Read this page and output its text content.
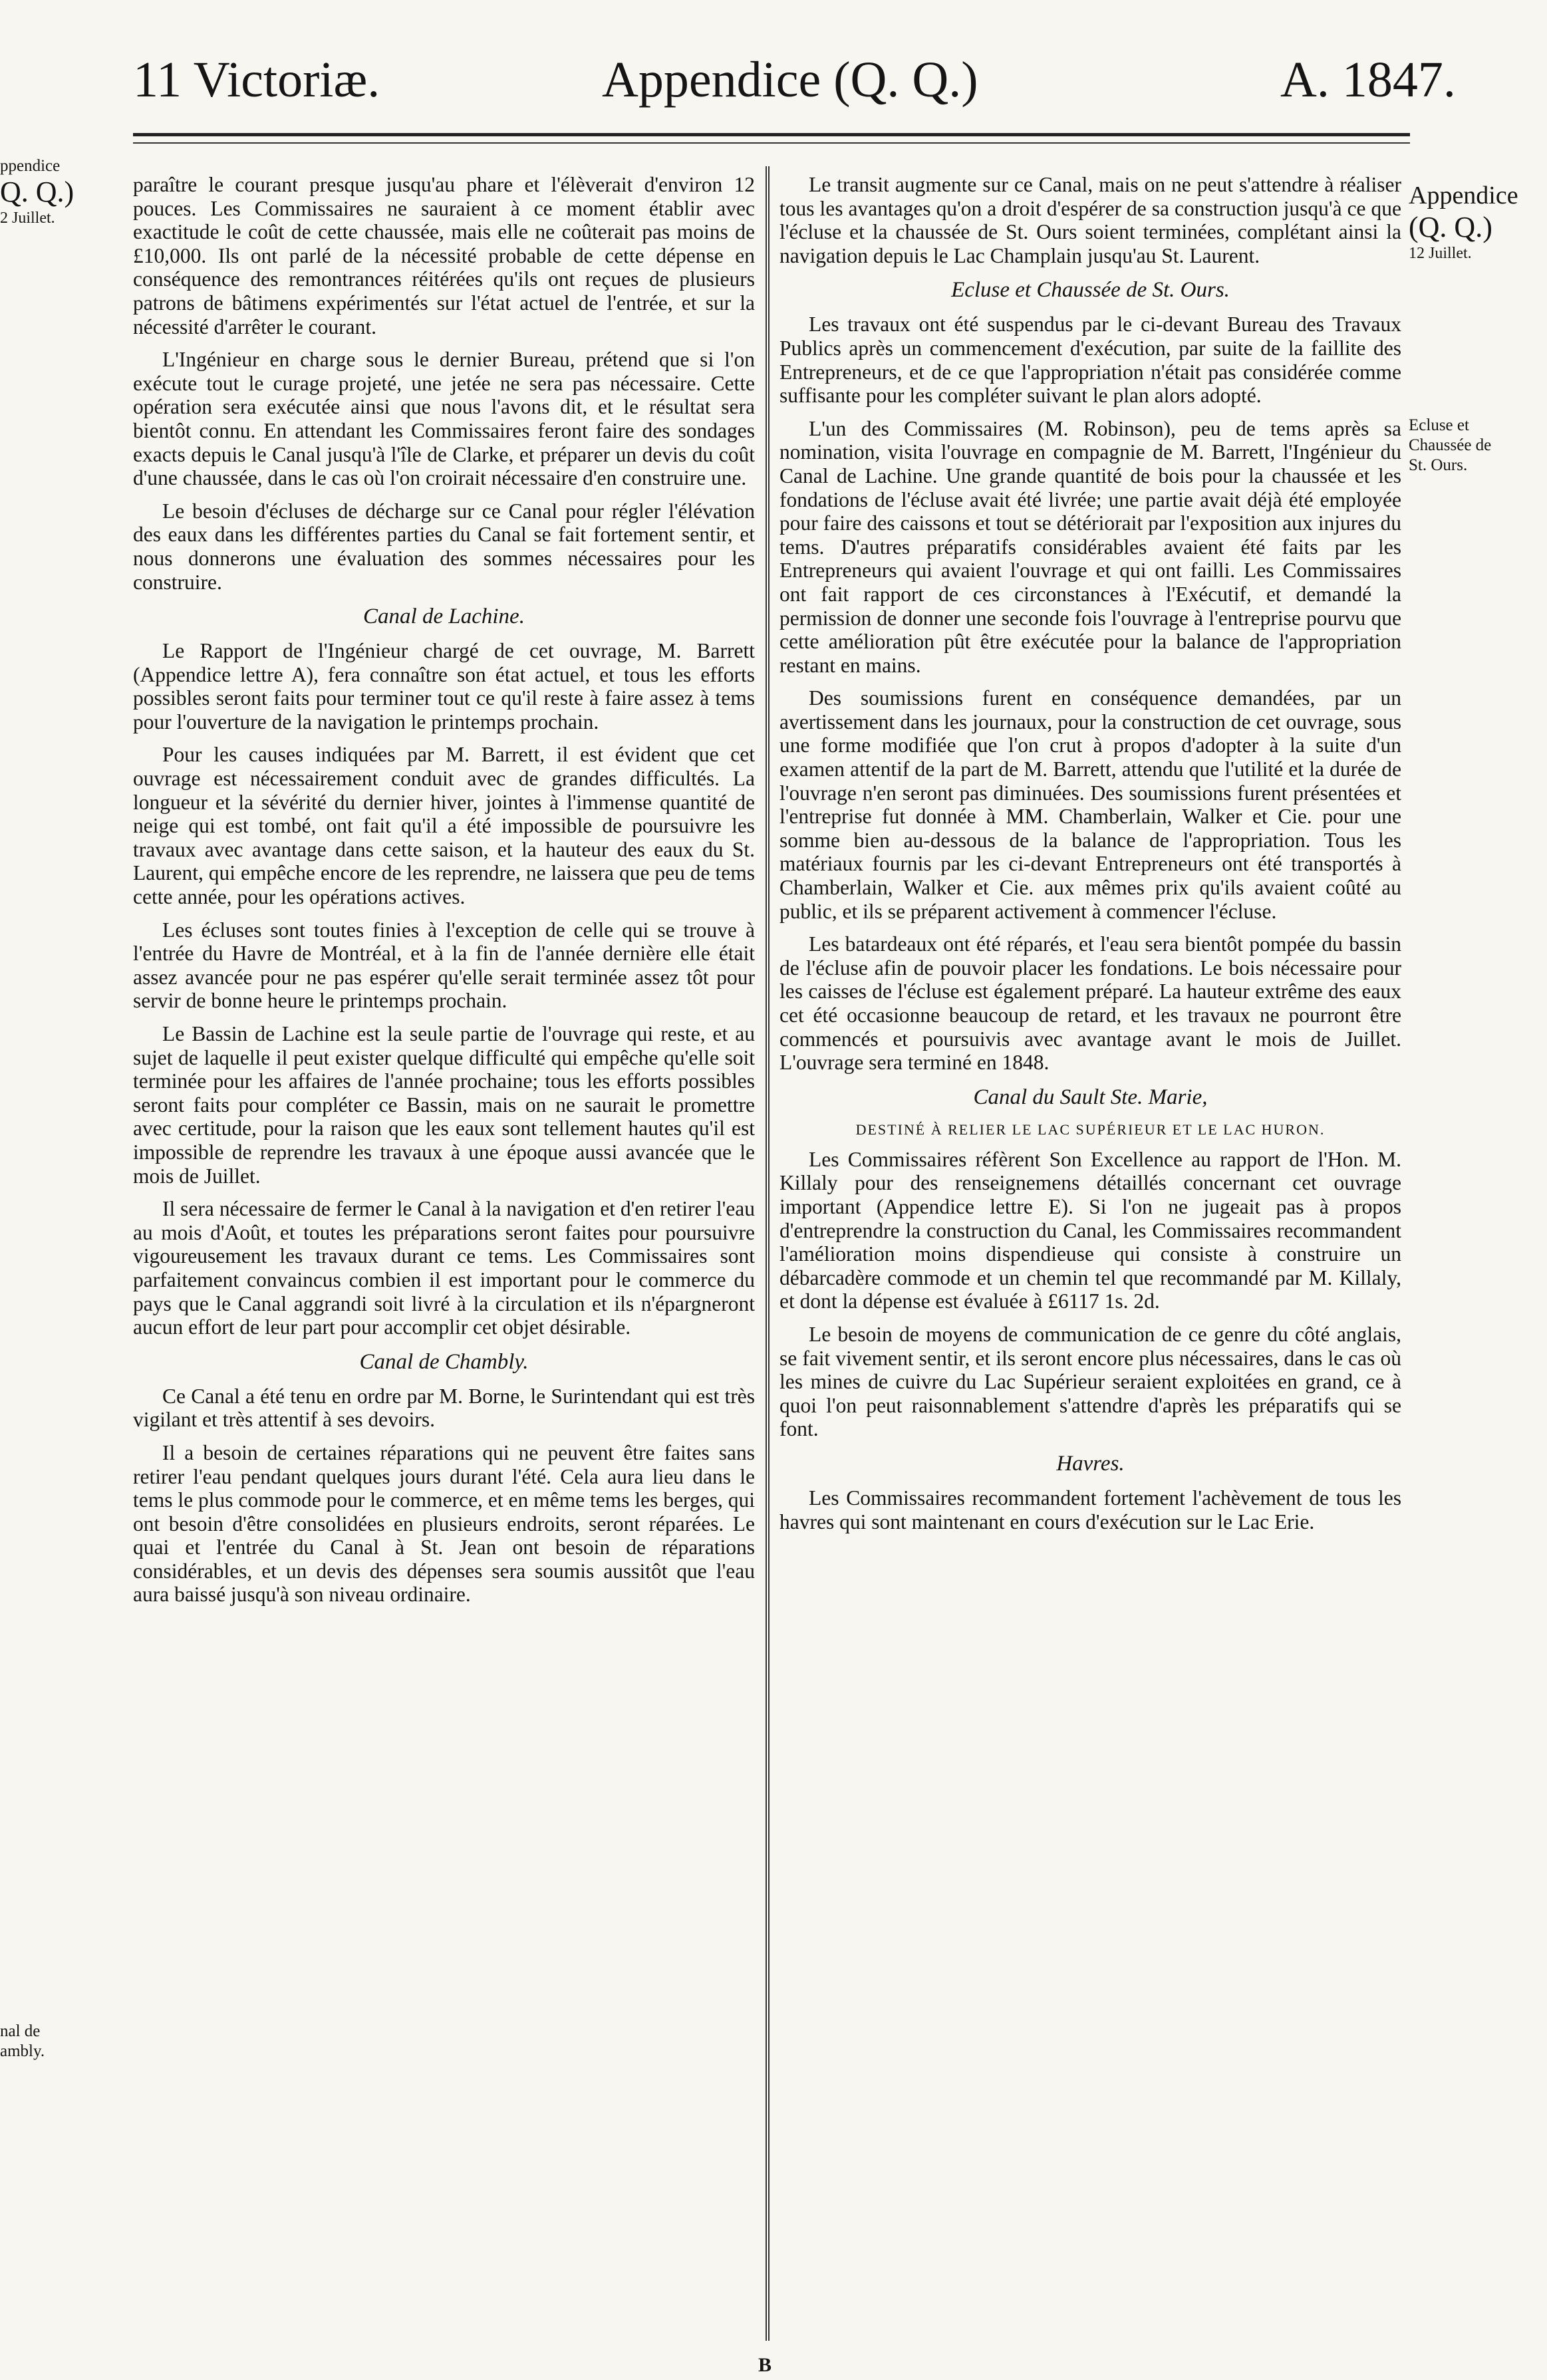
11 Victoriæ.	Appendice (Q. Q.)	A. 1847.
ppendice
Q. Q.)
2 Juillet.
nal de
ambly.
Appendice
(Q. Q.)
12 Juillet.
Ecluse et
Chaussée de
St. Ours.

paraître le courant presque jusqu'au phare et l'élèverait d'environ 12 pouces. Les Commissaires ne sauraient à ce moment établir avec exactitude le coût de cette chaussée, mais elle ne coûterait pas moins de £10,000. Ils ont parlé de la nécessité probable de cette dépense en conséquence des remontrances réitérées qu'ils ont reçues de plusieurs patrons de bâtimens expérimentés sur l'état actuel de l'entrée, et sur la nécessité d'arrêter le courant.

L'Ingénieur en charge sous le dernier Bureau, prétend que si l'on exécute tout le curage projeté, une jetée ne sera pas nécessaire. Cette opération sera exécutée ainsi que nous l'avons dit, et le résultat sera bientôt connu. En attendant les Commissaires feront faire des sondages exacts depuis le Canal jusqu'à l'île de Clarke, et préparer un devis du coût d'une chaussée, dans le cas où l'on croirait nécessaire d'en construire une.

Le besoin d'écluses de décharge sur ce Canal pour régler l'élévation des eaux dans les différentes parties du Canal se fait fortement sentir, et nous donnerons une évaluation des sommes nécessaires pour les construire.

Canal de Lachine.

Le Rapport de l'Ingénieur chargé de cet ouvrage, M. Barrett (Appendice lettre A), fera connaître son état actuel, et tous les efforts possibles seront faits pour terminer tout ce qu'il reste à faire assez à tems pour l'ouverture de la navigation le printemps prochain.

Pour les causes indiquées par M. Barrett, il est évident que cet ouvrage est nécessairement conduit avec de grandes difficultés. La longueur et la sévérité du dernier hiver, jointes à l'immense quantité de neige qui est tombé, ont fait qu'il a été impossible de poursuivre les travaux avec avantage dans cette saison, et la hauteur des eaux du St. Laurent, qui empêche encore de les reprendre, ne laissera que peu de tems cette année, pour les opérations actives.

Les écluses sont toutes finies à l'exception de celle qui se trouve à l'entrée du Havre de Montréal, et à la fin de l'année dernière elle était assez avancée pour ne pas espérer qu'elle serait terminée assez tôt pour servir de bonne heure le printemps prochain.

Le Bassin de Lachine est la seule partie de l'ouvrage qui reste, et au sujet de laquelle il peut exister quelque difficulté qui empêche qu'elle soit terminée pour les affaires de l'année prochaine; tous les efforts possibles seront faits pour compléter ce Bassin, mais on ne saurait le promettre avec certitude, pour la raison que les eaux sont tellement hautes qu'il est impossible de reprendre les travaux à une époque aussi avancée que le mois de Juillet.

Il sera nécessaire de fermer le Canal à la navigation et d'en retirer l'eau au mois d'Août, et toutes les préparations seront faites pour poursuivre vigoureusement les travaux durant ce tems. Les Commissaires sont parfaitement convaincus combien il est important pour le commerce du pays que le Canal aggrandi soit livré à la circulation et ils n'épargneront aucun effort de leur part pour accomplir cet objet désirable.

Canal de Chambly.

Ce Canal a été tenu en ordre par M. Borne, le Surintendant qui est très vigilant et très attentif à ses devoirs.

Il a besoin de certaines réparations qui ne peuvent être faites sans retirer l'eau pendant quelques jours durant l'été. Cela aura lieu dans le tems le plus commode pour le commerce, et en même tems les berges, qui ont besoin d'être consolidées en plusieurs endroits, seront réparées. Le quai et l'entrée du Canal à St. Jean ont besoin de réparations considérables, et un devis des dépenses sera soumis aussitôt que l'eau aura baissé jusqu'à son niveau ordinaire.

Le transit augmente sur ce Canal, mais on ne peut s'attendre à réaliser tous les avantages qu'on a droit d'espérer de sa construction jusqu'à ce que l'écluse et la chaussée de St. Ours soient terminées, complétant ainsi la navigation depuis le Lac Champlain jusqu'au St. Laurent.

Ecluse et Chaussée de St. Ours.

Les travaux ont été suspendus par le ci-devant Bureau des Travaux Publics après un commencement d'exécution, par suite de la faillite des Entrepreneurs, et de ce que l'appropriation n'était pas considérée comme suffisante pour les compléter suivant le plan alors adopté.

L'un des Commissaires (M. Robinson), peu de tems après sa nomination, visita l'ouvrage en compagnie de M. Barrett, l'Ingénieur du Canal de Lachine. Une grande quantité de bois pour la chaussée et les fondations de l'écluse avait été livrée; une partie avait déjà été employée pour faire des caissons et tout se détériorait par l'exposition aux injures du tems. D'autres préparatifs considérables avaient été faits par les Entrepreneurs qui avaient l'ouvrage et qui ont failli. Les Commissaires ont fait rapport de ces circonstances à l'Exécutif, et demandé la permission de donner une seconde fois l'ouvrage à l'entreprise pourvu que cette amélioration pût être exécutée pour la balance de l'appropriation restant en mains.

Des soumissions furent en conséquence demandées, par un avertissement dans les journaux, pour la construction de cet ouvrage, sous une forme modifiée que l'on crut à propos d'adopter à la suite d'un examen attentif de la part de M. Barrett, attendu que l'utilité et la durée de l'ouvrage n'en seront pas diminuées. Des soumissions furent présentées et l'entreprise fut donnée à MM. Chamberlain, Walker et Cie. pour une somme bien au-dessous de la balance de l'appropriation. Tous les matériaux fournis par les ci-devant Entrepreneurs ont été transportés à Chamberlain, Walker et Cie. aux mêmes prix qu'ils avaient coûté au public, et ils se préparent activement à commencer l'écluse.

Les batardeaux ont été réparés, et l'eau sera bientôt pompée du bassin de l'écluse afin de pouvoir placer les fondations. Le bois nécessaire pour les caisses de l'écluse est également préparé. La hauteur extrême des eaux cet été occasionne beaucoup de retard, et les travaux ne pourront être commencés et poursuivis avec avantage avant le mois de Juillet. L'ouvrage sera terminé en 1848.

Canal du Sault Ste. Marie,
DESTINÉ À RELIER LE LAC SUPÉRIEUR ET LE LAC HURON.

Les Commissaires réfèrent Son Excellence au rapport de l'Hon. M. Killaly pour des renseignemens détaillés concernant cet ouvrage important (Appendice lettre E). Si l'on ne jugeait pas à propos d'entreprendre la construction du Canal, les Commissaires recommandent l'amélioration moins dispendieuse qui consiste à construire un débarcadère commode et un chemin tel que recommandé par M. Killaly, et dont la dépense est évaluée à £6117 1s. 2d.

Le besoin de moyens de communication de ce genre du côté anglais, se fait vivement sentir, et ils seront encore plus nécessaires, dans le cas où les mines de cuivre du Lac Supérieur seraient exploitées en grand, ce à quoi l'on peut raisonnablement s'attendre d'après les préparatifs qui se font.

Havres.

Les Commissaires recommandent fortement l'achèvement de tous les havres qui sont maintenant en cours d'exécution sur le Lac Erie.

B
